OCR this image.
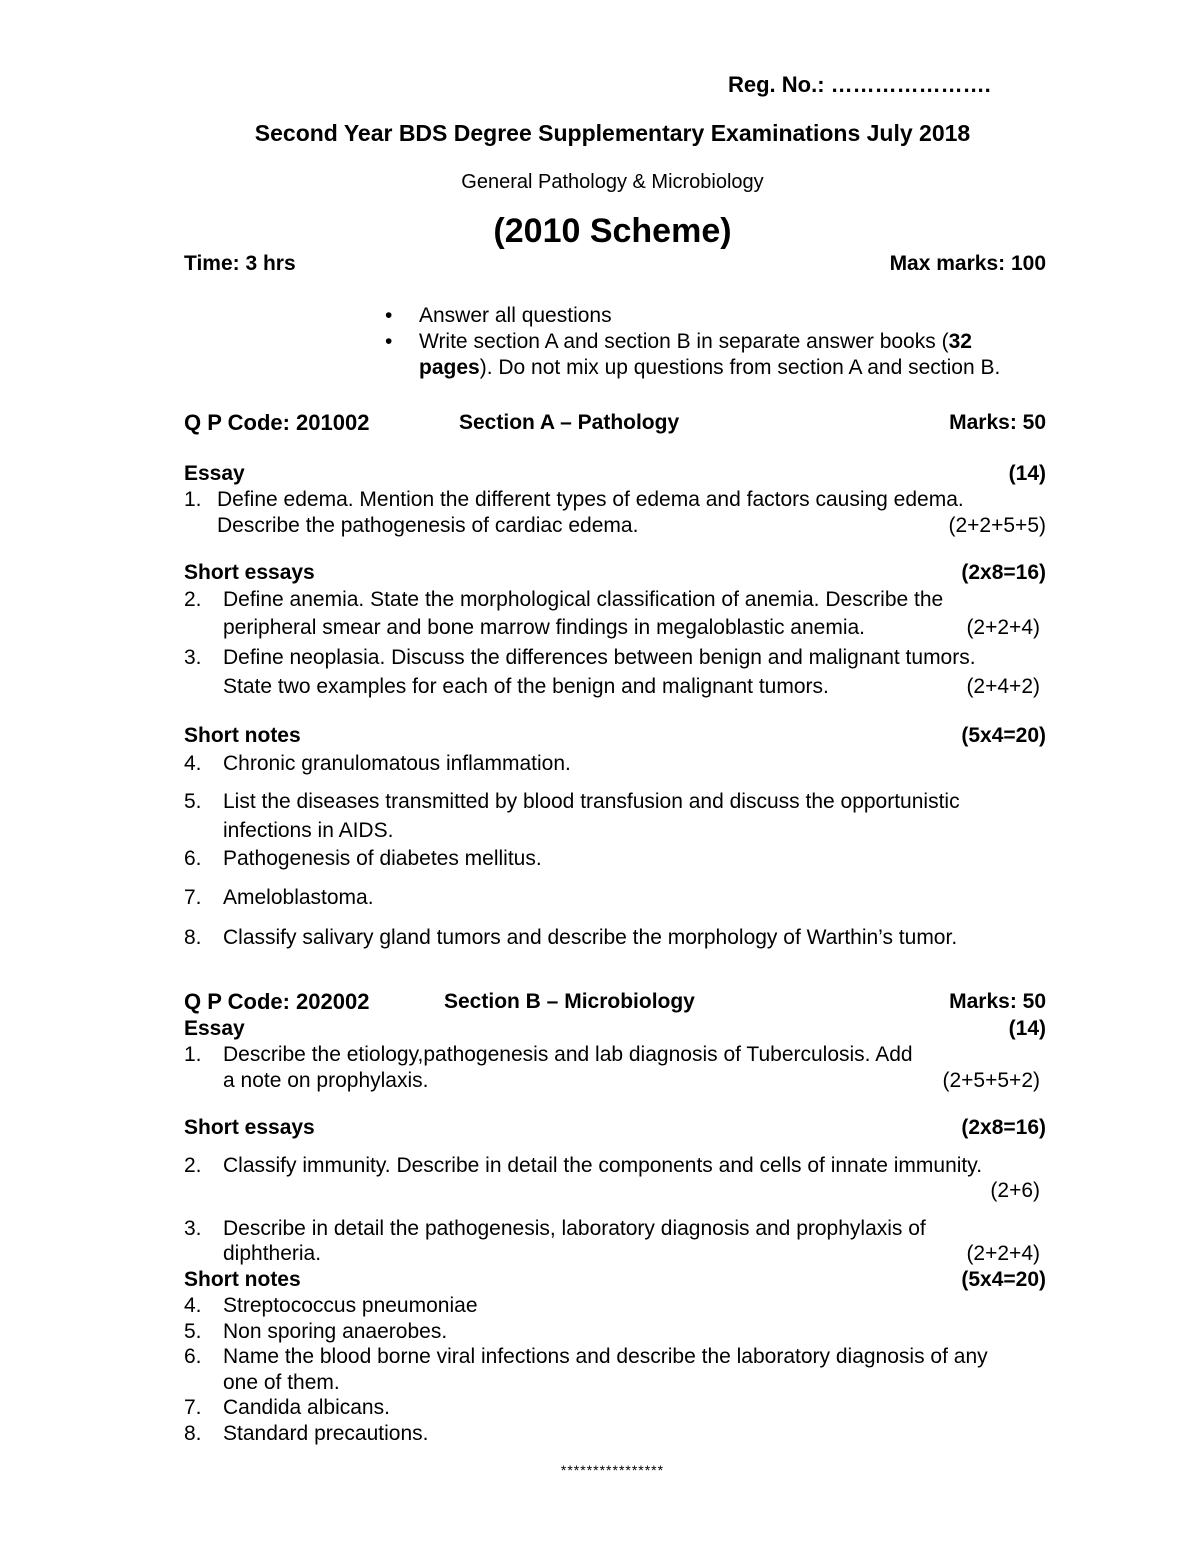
Reg. No.: ………………….
Second Year BDS Degree Supplementary Examinations July 2018
General Pathology & Microbiology
(2010 Scheme)
Time: 3 hrs	Max marks: 100
• Answer all questions
• Write section A and section B in separate answer books (32
pages). Do not mix up questions from section A and section B.
Q P Code: 201002	Section A – Pathology	Marks: 50
Essay	(14)
1. Define edema. Mention the different types of edema and factors causing edema.
Describe the pathogenesis of cardiac edema.	(2+2+5+5)
Short essays	(2x8=16)
2. Define anemia. State the morphological classification of anemia. Describe the
peripheral smear and bone marrow findings in megaloblastic anemia.	(2+2+4)
3. Define neoplasia. Discuss the differences between benign and malignant tumors.
State two examples for each of the benign and malignant tumors.	(2+4+2)
Short notes	(5x4=20)
4. Chronic granulomatous inflammation.
5. List the diseases transmitted by blood transfusion and discuss the opportunistic
infections in AIDS.
6. Pathogenesis of diabetes mellitus.
7. Ameloblastoma.
8. Classify salivary gland tumors and describe the morphology of Warthin’s tumor.
Q P Code: 202002	Section B – Microbiology	Marks: 50
Essay	(14)
1. Describe the etiology,pathogenesis and lab diagnosis of Tuberculosis. Add
a note on prophylaxis.	(2+5+5+2)
Short essays	(2x8=16)
2. Classify immunity. Describe in detail the components and cells of innate immunity.
(2+6)
3. Describe in detail the pathogenesis, laboratory diagnosis and prophylaxis of
diphtheria.	(2+2+4)
Short notes	(5x4=20)
4. Streptococcus pneumoniae
5. Non sporing anaerobes.
6. Name the blood borne viral infections and describe the laboratory diagnosis of any
one of them.
7. Candida albicans.
8. Standard precautions.
****************
